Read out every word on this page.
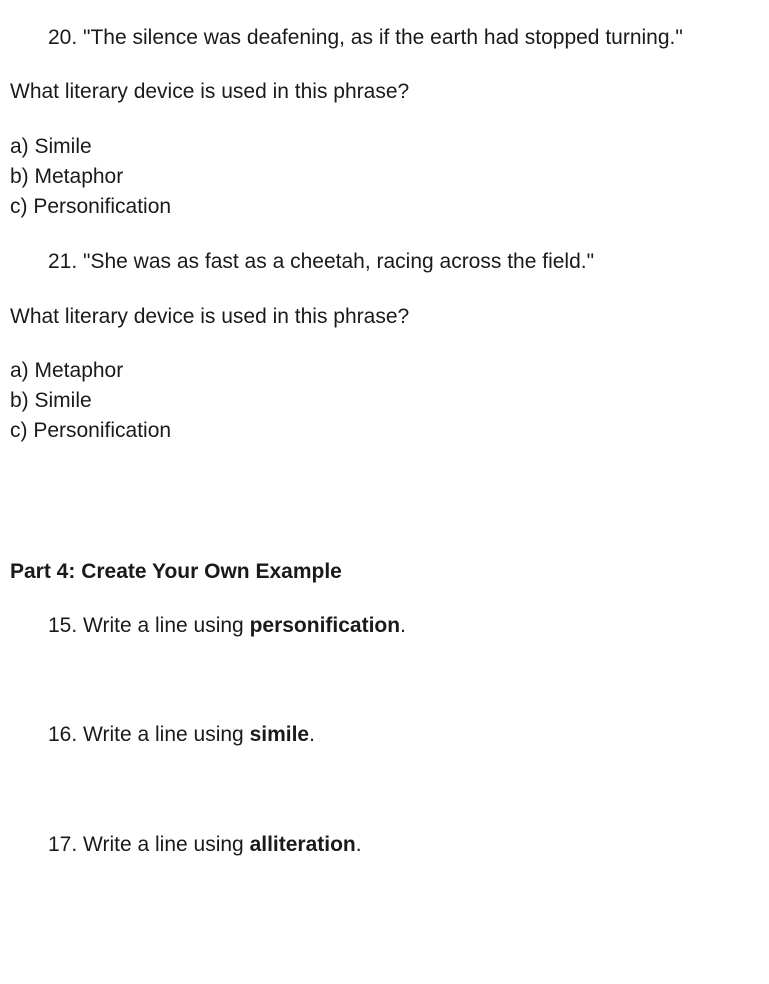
20. "The silence was deafening, as if the earth had stopped turning."
What literary device is used in this phrase?
a) Simile
b) Metaphor
c) Personification
21. "She was as fast as a cheetah, racing across the field."
What literary device is used in this phrase?
a) Metaphor
b) Simile
c) Personification
Part 4: Create Your Own Example
15. Write a line using personification.
16. Write a line using simile.
17. Write a line using alliteration.
